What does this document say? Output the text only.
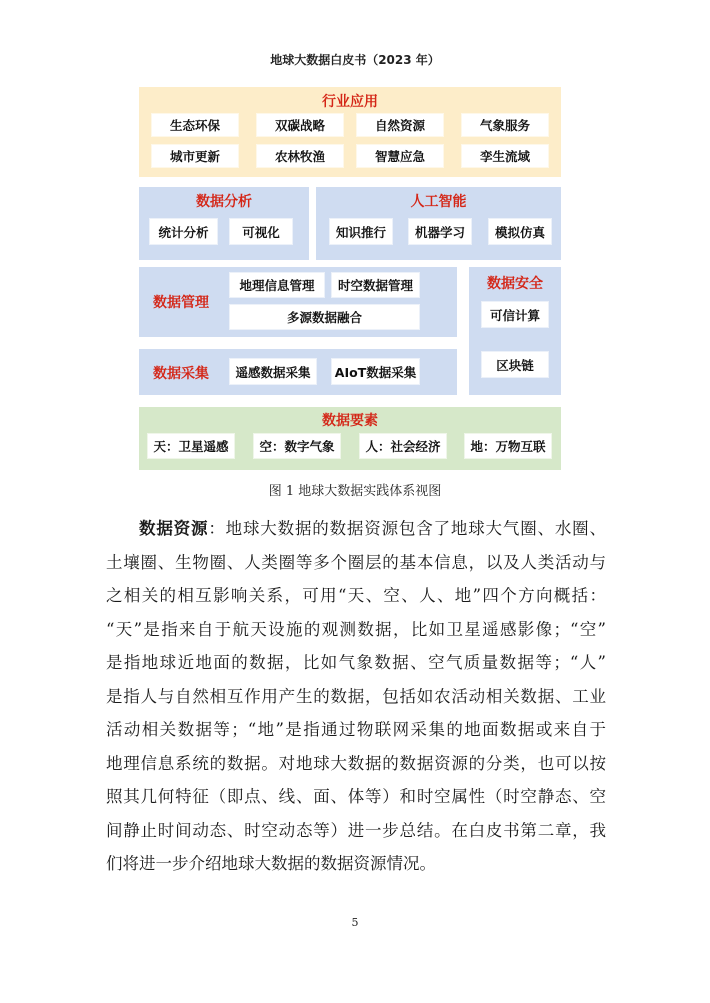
地球大数据白皮书（2023 年）
行业应用
生态环保	双碳战略	自然资源	气象服务
城市更新	农林牧渔	智慧应急	孪生流域
数据分析
统计分析	可视化
人工智能
知识推行	机器学习	模拟仿真
数据管理
地理信息管理	时空数据管理
多源数据融合
数据采集	遥感数据采集	AIoT数据采集
数据安全
可信计算
区块链
数据要素
天：卫星遥感	空：数字气象	人：社会经济	地：万物互联
图 1 地球大数据实践体系视图
数据资源：地球大数据的数据资源包含了地球大气圈、水圈、
土壤圈、生物圈、人类圈等多个圈层的基本信息，以及人类活动与
之相关的相互影响关系，可用“天、空、人、地”四个方向概括：
“天”是指来自于航天设施的观测数据，比如卫星遥感影像；“空”
是指地球近地面的数据，比如气象数据、空气质量数据等；“人”
是指人与自然相互作用产生的数据，包括如农活动相关数据、工业
活动相关数据等；“地”是指通过物联网采集的地面数据或来自于
地理信息系统的数据。对地球大数据的数据资源的分类，也可以按
照其几何特征（即点、线、面、体等）和时空属性（时空静态、空
间静止时间动态、时空动态等）进一步总结。在白皮书第二章，我
们将进一步介绍地球大数据的数据资源情况。
5
